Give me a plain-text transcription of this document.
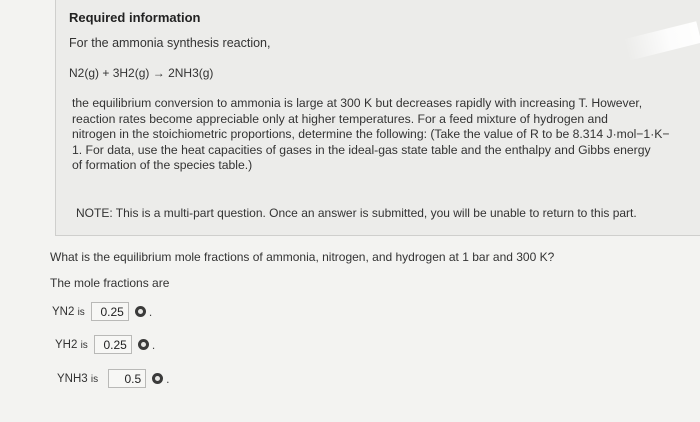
Required information
For the ammonia synthesis reaction,
N2(g) + 3H2(g) → 2NH3(g)
the equilibrium conversion to ammonia is large at 300 K but decreases rapidly with increasing T. However,
reaction rates become appreciable only at higher temperatures. For a feed mixture of hydrogen and
nitrogen in the stoichiometric proportions, determine the following: (Take the value of R to be 8.314 J·mol−1·K−
1. For data, use the heat capacities of gases in the ideal-gas state table and the enthalpy and Gibbs energy
of formation of the species table.)
NOTE: This is a multi-part question. Once an answer is submitted, you will be unable to return to this part.
What is the equilibrium mole fractions of ammonia, nitrogen, and hydrogen at 1 bar and 300 K?
The mole fractions are
YN2 is	0.25	.
YH2 is	0.25	.
YNH3 is	0.5	.
